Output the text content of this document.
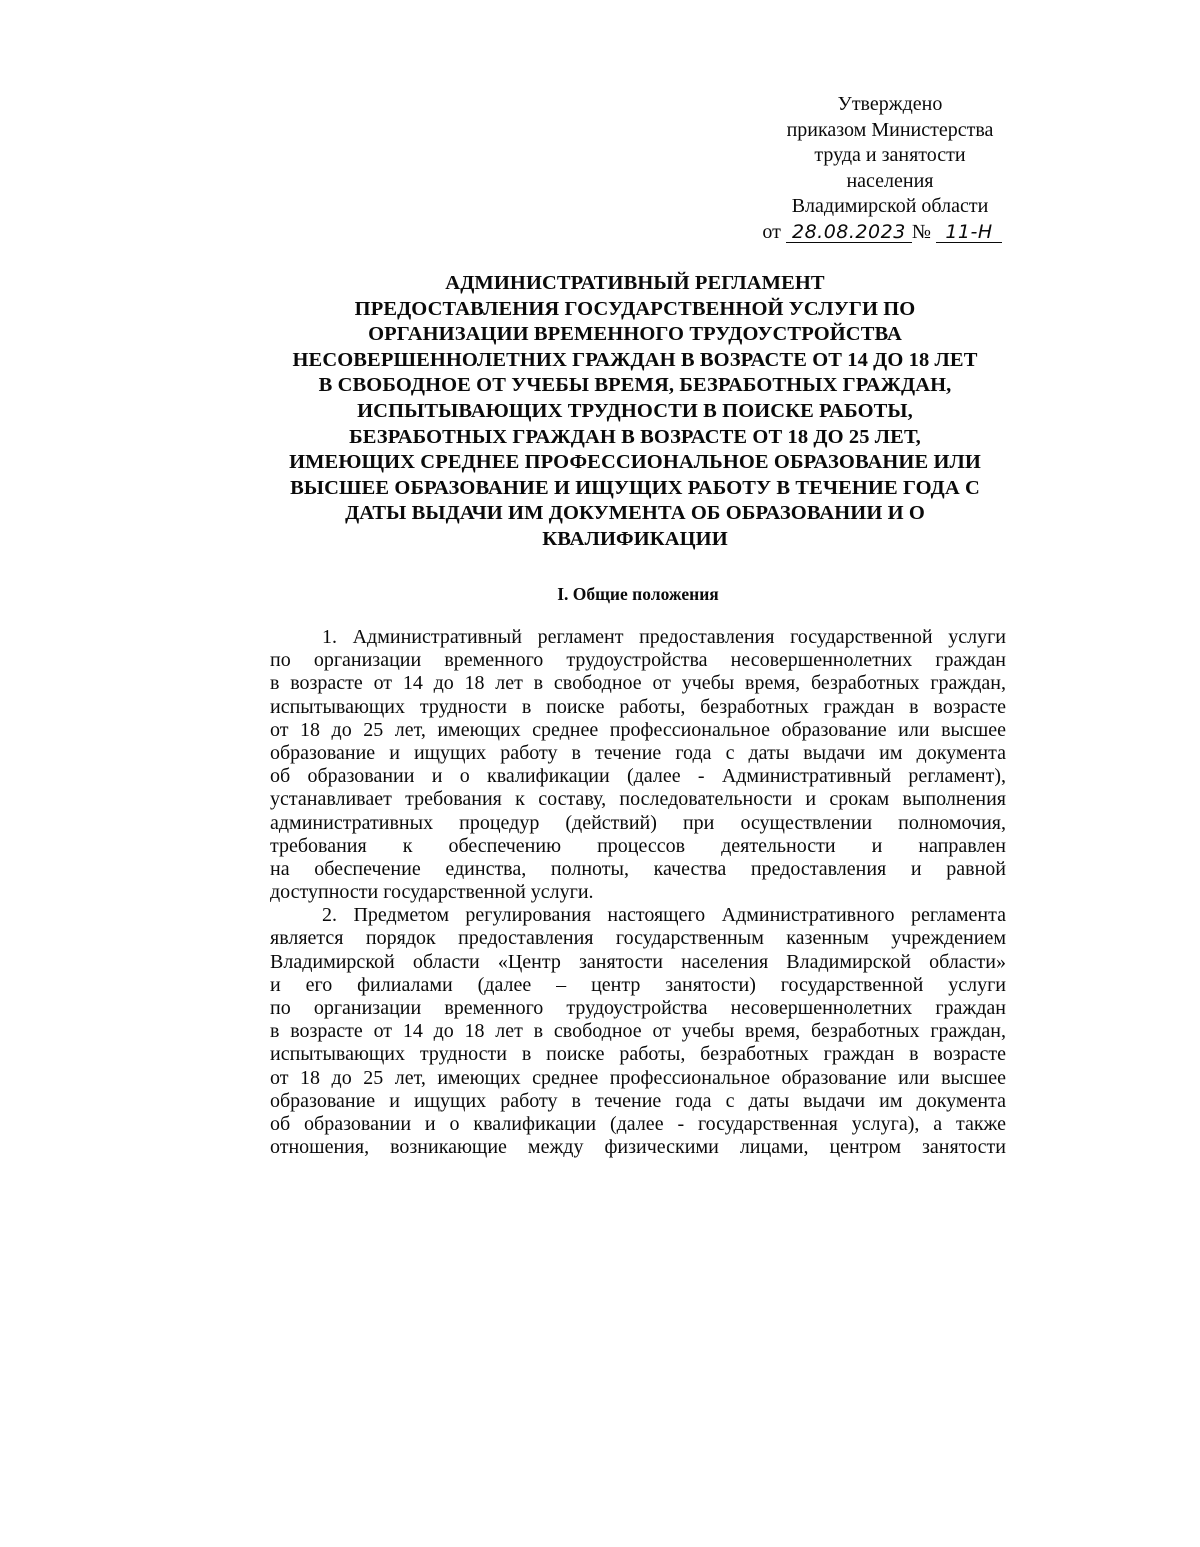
Утверждено
приказом Министерства
труда и занятости
населения
Владимирской области
от 28.08.2023 № 11-Н
АДМИНИСТРАТИВНЫЙ РЕГЛАМЕНТ
ПРЕДОСТАВЛЕНИЯ ГОСУДАРСТВЕННОЙ УСЛУГИ ПО
ОРГАНИЗАЦИИ ВРЕМЕННОГО ТРУДОУСТРОЙСТВА
НЕСОВЕРШЕННОЛЕТНИХ ГРАЖДАН В ВОЗРАСТЕ ОТ 14 ДО 18 ЛЕТ
В СВОБОДНОЕ ОТ УЧЕБЫ ВРЕМЯ, БЕЗРАБОТНЫХ ГРАЖДАН,
ИСПЫТЫВАЮЩИХ ТРУДНОСТИ В ПОИСКЕ РАБОТЫ,
БЕЗРАБОТНЫХ ГРАЖДАН В ВОЗРАСТЕ ОТ 18 ДО 25 ЛЕТ,
ИМЕЮЩИХ СРЕДНЕЕ ПРОФЕССИОНАЛЬНОЕ ОБРАЗОВАНИЕ ИЛИ
ВЫСШЕЕ ОБРАЗОВАНИЕ И ИЩУЩИХ РАБОТУ В ТЕЧЕНИЕ ГОДА С
ДАТЫ ВЫДАЧИ ИМ ДОКУМЕНТА ОБ ОБРАЗОВАНИИ И О
КВАЛИФИКАЦИИ
I. Общие положения
1. Административный регламент предоставления государственной услуги
по организации временного трудоустройства несовершеннолетних граждан
в возрасте от 14 до 18 лет в свободное от учебы время, безработных граждан,
испытывающих трудности в поиске работы, безработных граждан в возрасте
от 18 до 25 лет, имеющих среднее профессиональное образование или высшее
образование и ищущих работу в течение года с даты выдачи им документа
об образовании и о квалификации (далее - Административный регламент),
устанавливает требования к составу, последовательности и срокам выполнения
административных процедур (действий) при осуществлении полномочия,
требования к обеспечению процессов деятельности и направлен
на обеспечение единства, полноты, качества предоставления и равной
доступности государственной услуги.
2. Предметом регулирования настоящего Административного регламента
является порядок предоставления государственным казенным учреждением
Владимирской области «Центр занятости населения Владимирской области»
и его филиалами (далее – центр занятости) государственной услуги
по организации временного трудоустройства несовершеннолетних граждан
в возрасте от 14 до 18 лет в свободное от учебы время, безработных граждан,
испытывающих трудности в поиске работы, безработных граждан в возрасте
от 18 до 25 лет, имеющих среднее профессиональное образование или высшее
образование и ищущих работу в течение года с даты выдачи им документа
об образовании и о квалификации (далее - государственная услуга), а также
отношения, возникающие между физическими лицами, центром занятости
